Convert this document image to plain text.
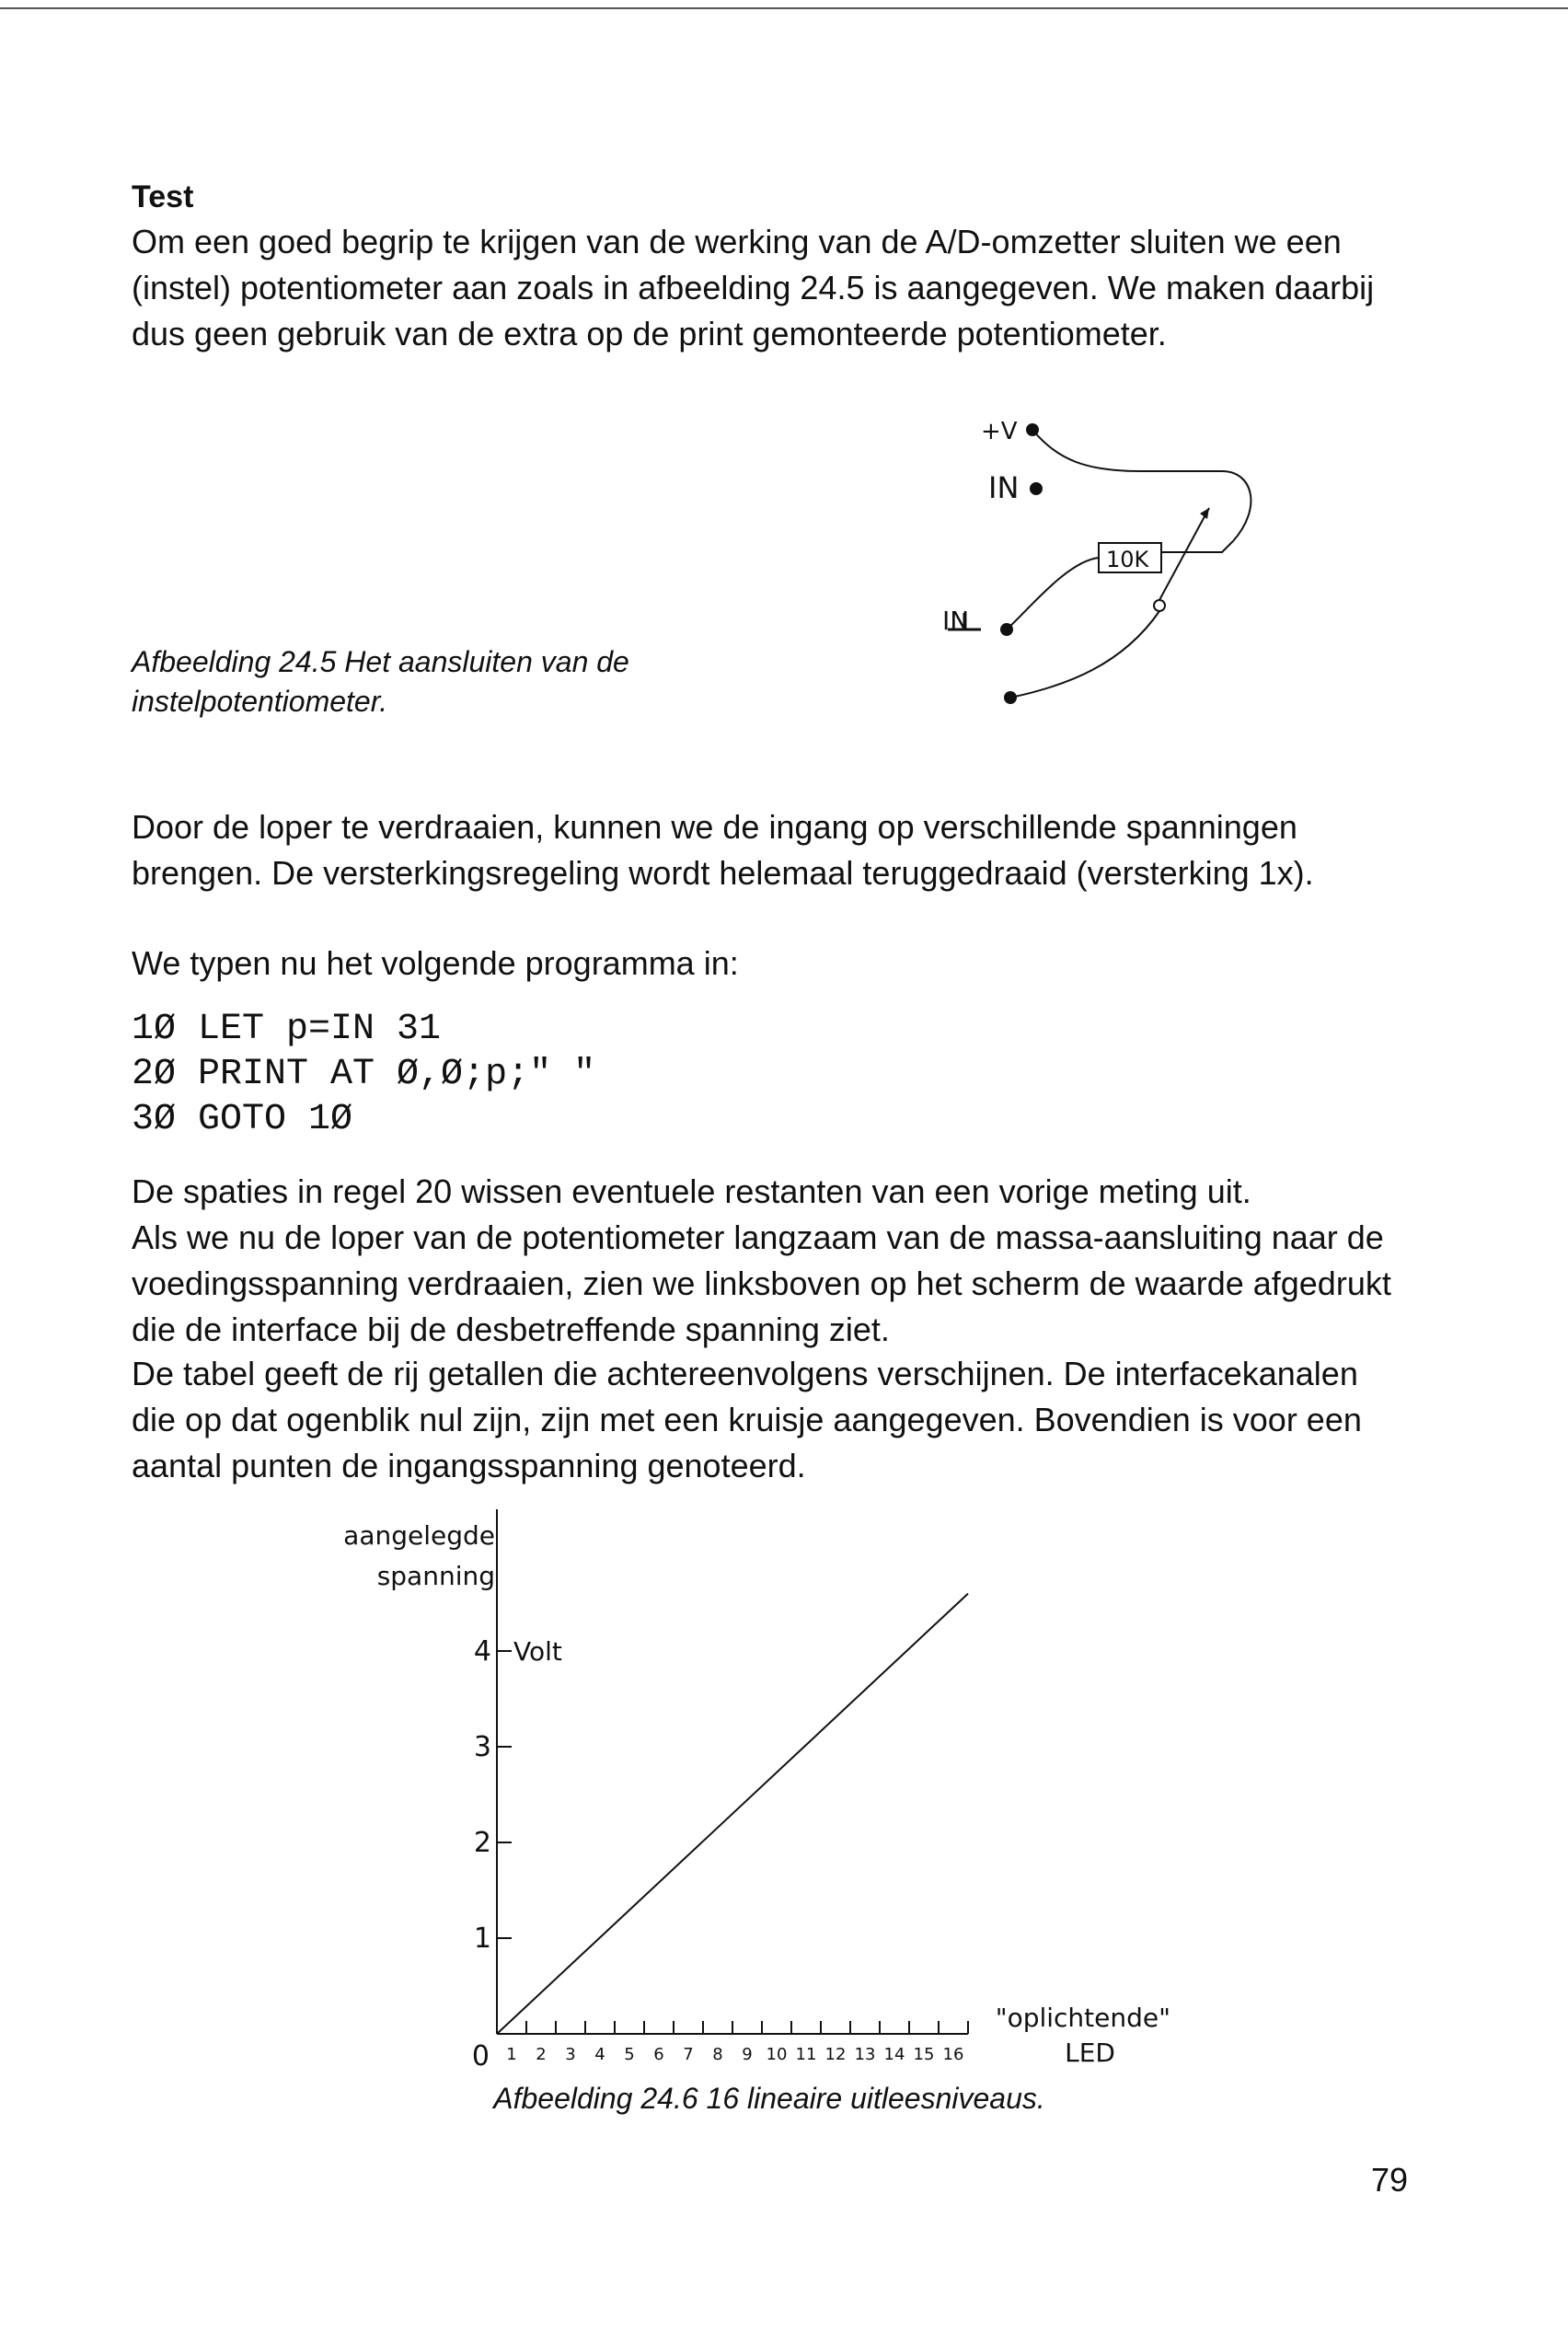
Test
Om een goed begrip te krijgen van de werking van de A/D-omzetter sluiten we een (instel) potentiometer aan zoals in afbeelding 24.5 is aangegeven. We maken daarbij dus geen gebruik van de extra op de print gemonteerde potentiometer.
Afbeelding 24.5 Het aansluiten van de instelpotentiometer.
+V
IN
IN
10K
Door de loper te verdraaien, kunnen we de ingang op verschillende spanningen brengen. De versterkingsregeling wordt helemaal teruggedraaid (versterking 1x).
We typen nu het volgende programma in:
1Ø LET p=IN 31
2Ø PRINT AT Ø,Ø;p;" "
3Ø GOTO 1Ø
De spaties in regel 20 wissen eventuele restanten van een vorige meting uit.
Als we nu de loper van de potentiometer langzaam van de massa-aansluiting naar de voedingsspanning verdraaien, zien we linksboven op het scherm de waarde afgedrukt die de interface bij de desbetreffende spanning ziet.
De tabel geeft de rij getallen die achtereenvolgens verschijnen. De interfacekanalen die op dat ogenblik nul zijn, zijn met een kruisje aangegeven. Bovendien is voor een aantal punten de ingangsspanning genoteerd.
aangelegde
spanning
0
1
2
3
4 Volt
1 2 3 4 5 6 7 8 9 10 11 12 13 14 15 16
"oplichtende"
LED
Afbeelding 24.6 16 lineaire uitleesniveaus.
79
